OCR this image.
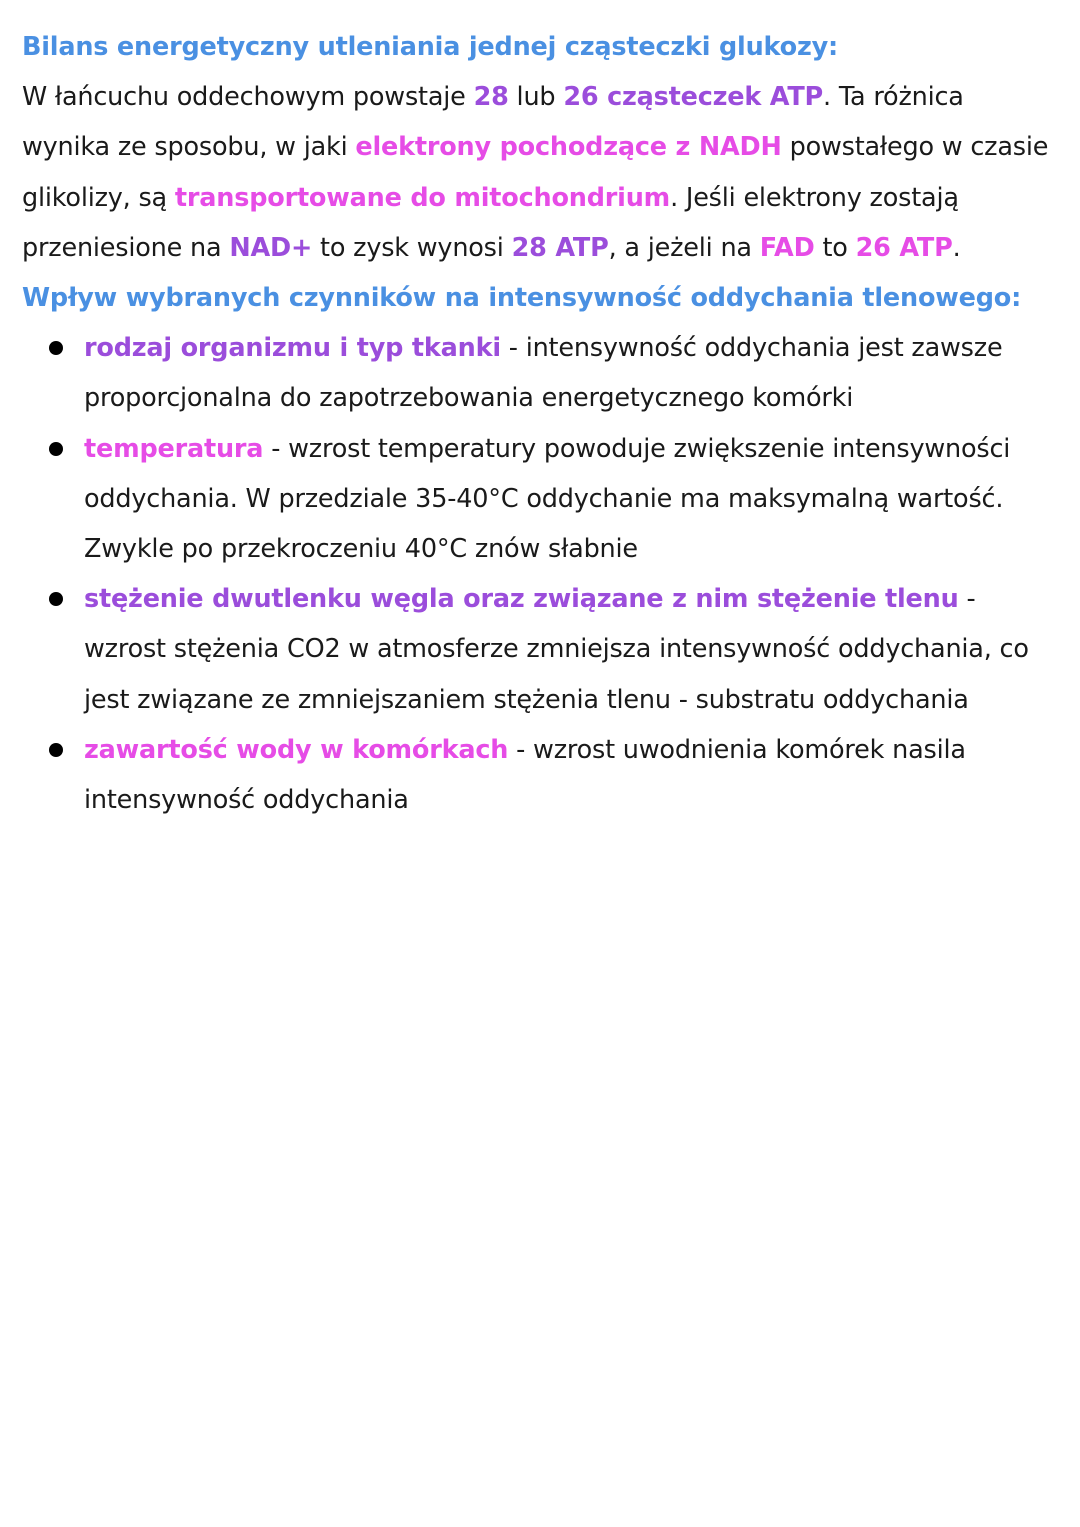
Bilans energetyczny utleniania jednej cząsteczki glukozy:

W łańcuchu oddechowym powstaje 28 lub 26 cząsteczek ATP. Ta różnica wynika ze sposobu, w jaki elektrony pochodzące z NADH powstałego w czasie glikolizy, są transportowane do mitochondrium. Jeśli elektrony zostają przeniesione na NAD+ to zysk wynosi 28 ATP, a jeżeli na FAD to 26 ATP.

Wpływ wybranych czynników na intensywność oddychania tlenowego:
rodzaj organizmu i typ tkanki - intensywność oddychania jest zawsze proporcjonalna do zapotrzebowania energetycznego komórki
temperatura - wzrost temperatury powoduje zwiększenie intensywności oddychania. W przedziale 35-40°C oddychanie ma maksymalną wartość. Zwykle po przekroczeniu 40°C znów słabnie
stężenie dwutlenku węgla oraz związane z nim stężenie tlenu - wzrost stężenia CO2 w atmosferze zmniejsza intensywność oddychania, co jest związane ze zmniejszaniem stężenia tlenu - substratu oddychania
zawartość wody w komórkach - wzrost uwodnienia komórek nasila intensywność oddychania
